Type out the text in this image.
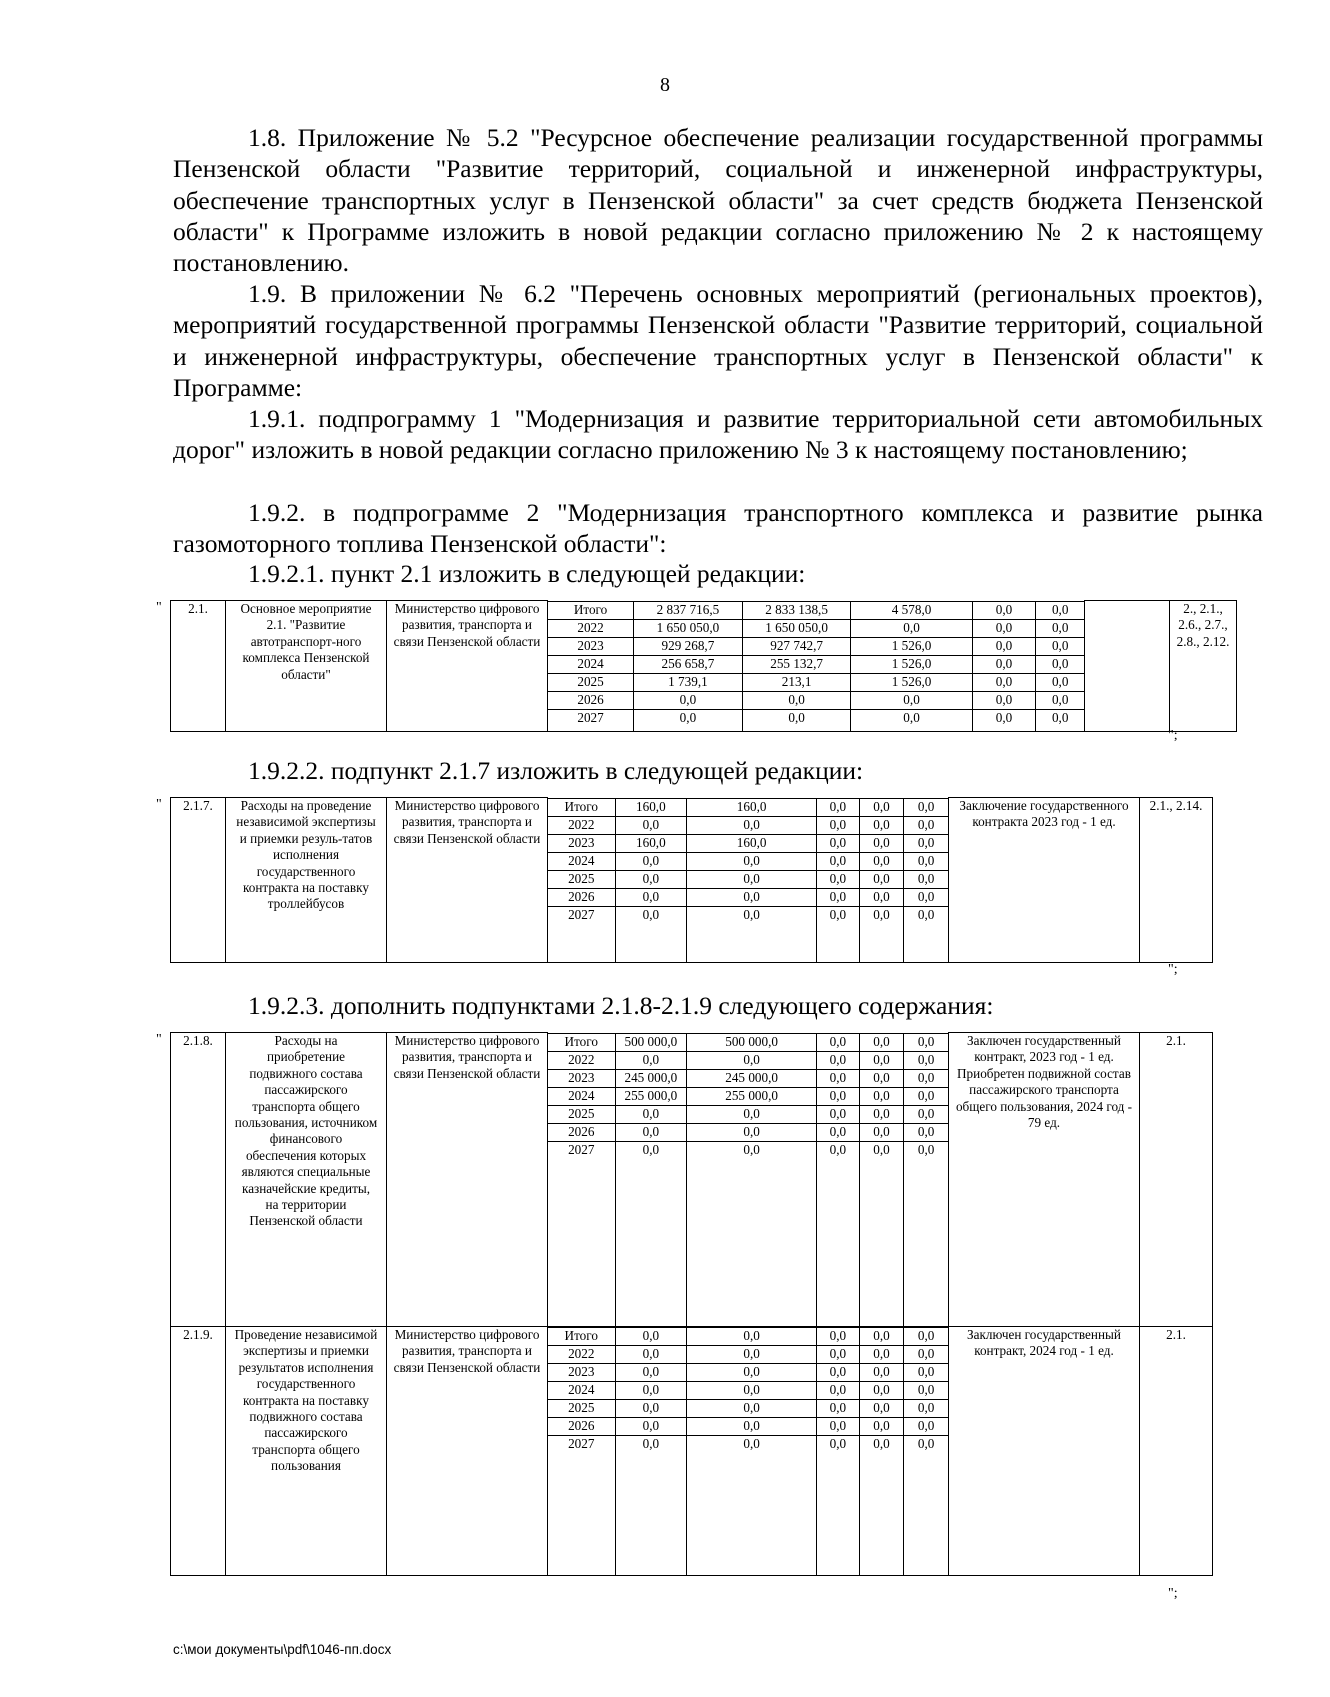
8

1.8. Приложение № 5.2 "Ресурсное обеспечение реализации государственной программы Пензенской области "Развитие территорий, социальной и инженерной инфраструктуры, обеспечение транспортных услуг в Пензенской области" за счет средств бюджета Пензенской области" к Программе изложить в новой редакции согласно приложению № 2 к настоящему постановлению.

1.9. В приложении № 6.2 "Перечень основных мероприятий (региональных проектов), мероприятий государственной программы Пензенской области "Развитие территорий, социальной и инженерной инфраструктуры, обеспечение транспортных услуг в Пензенской области" к Программе:

1.9.1. подпрограмму 1 "Модернизация и развитие территориальной сети автомобильных дорог" изложить в новой редакции согласно приложению № 3 к настоящему постановлению;

1.9.2. в подпрограмме 2 "Модернизация транспортного комплекса и развитие рынка газомоторного топлива Пензенской области":

1.9.2.1. пункт 2.1 изложить в следующей редакции:
" 2.1.	Основное мероприятие 2.1. "Развитие автотранспорт-ного комплекса Пензенской области"	Министерство цифрового развития, транспорта и связи Пензенской области	
Итого	2 837 716,5	2 833 138,5	4 578,0	0,0	0,0
2022	1 650 050,0	1 650 050,0	0,0	0,0	0,0
2023	929 268,7	927 742,7	1 526,0	0,0	0,0
2024	256 658,7	255 132,7	1 526,0	0,0	0,0
2025	1 739,1	213,1	1 526,0	0,0	0,0
2026	0,0	0,0	0,0	0,0	0,0
2027	0,0	0,0	0,0	0,0	0,0

		2., 2.1., 2.6., 2.7., 2.8., 2.12.
";
1.9.2.2. подпункт 2.1.7 изложить в следующей редакции:
" 2.1.7.	Расходы на проведение независимой экспертизы и приемки резуль-татов исполнения государственного контракта на поставку троллейбусов	Министерство цифрового развития, транспорта и связи Пензенской области	
Итого	160,0	160,0	0,0	0,0	0,0
2022	0,0	0,0	0,0	0,0	0,0
2023	160,0	160,0	0,0	0,0	0,0
2024	0,0	0,0	0,0	0,0	0,0
2025	0,0	0,0	0,0	0,0	0,0
2026	0,0	0,0	0,0	0,0	0,0
2027	0,0	0,0	0,0	0,0	0,0

	Заключение государственного контракта 2023 год - 1 ед.	2.1., 2.14.
";
1.9.2.3. дополнить подпунктами 2.1.8-2.1.9 следующего содержания:
" 2.1.8.	Расходы на приобретение подвижного состава пассажирского транспорта общего пользования, источником финансового обеспечения которых являются специальные казначейские кредиты, на территории Пензенской области	Министерство цифрового развития, транспорта и связи Пензенской области	
Итого	500 000,0	500 000,0	0,0	0,0	0,0
2022	0,0	0,0	0,0	0,0	0,0
2023	245 000,0	245 000,0	0,0	0,0	0,0
2024	255 000,0	255 000,0	0,0	0,0	0,0
2025	0,0	0,0	0,0	0,0	0,0
2026	0,0	0,0	0,0	0,0	0,0
2027	0,0	0,0	0,0	0,0	0,0

	Заключен государственный контракт, 2023 год - 1 ед. Приобретен подвижной состав пассажирского транспорта общего пользования, 2024 год - 79 ед.	2.1.
2.1.9.	Проведение независимой экспертизы и приемки результатов исполнения государственного контракта на поставку подвижного состава пассажирского транспорта общего пользования	Министерство цифрового развития, транспорта и связи Пензенской области	
Итого	0,0	0,0	0,0	0,0	0,0
2022	0,0	0,0	0,0	0,0	0,0
2023	0,0	0,0	0,0	0,0	0,0
2024	0,0	0,0	0,0	0,0	0,0
2025	0,0	0,0	0,0	0,0	0,0
2026	0,0	0,0	0,0	0,0	0,0
2027	0,0	0,0	0,0	0,0	0,0

	Заключен государственный контракт, 2024 год - 1 ед.	2.1.
";
c:\мои документы\pdf\1046-пп.docx
